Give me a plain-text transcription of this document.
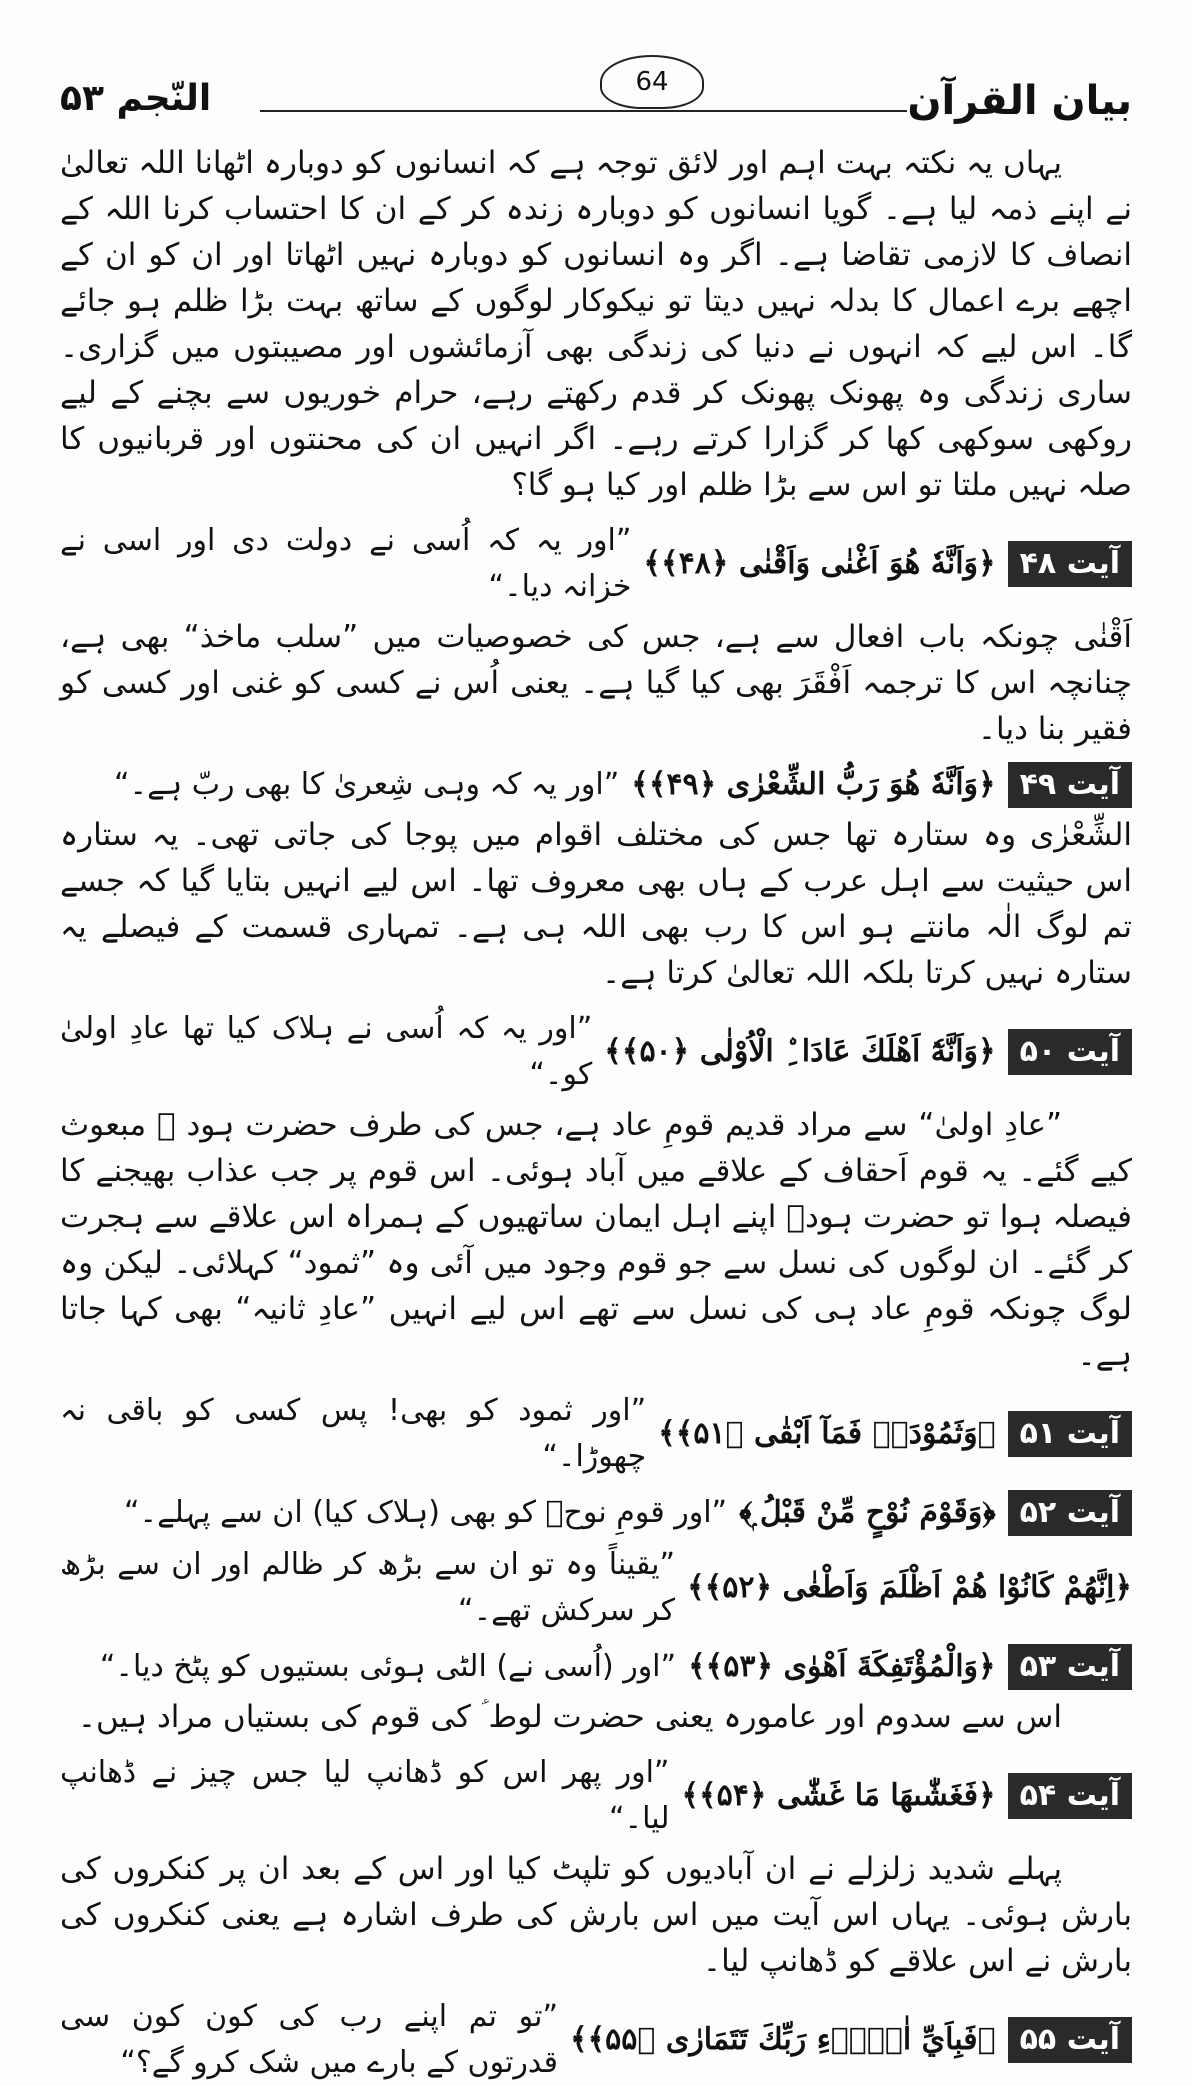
بیان القرآن
64
النّجم ۵۳

یہاں یہ نکتہ بہت اہم اور لائق توجہ ہے کہ انسانوں کو دوبارہ اٹھانا اللہ تعالیٰ نے اپنے ذمہ لیا ہے۔ گویا انسانوں کو دوبارہ زندہ کر کے ان کا احتساب کرنا اللہ کے انصاف کا لازمی تقاضا ہے۔ اگر وہ انسانوں کو دوبارہ نہیں اٹھاتا اور ان کو ان کے اچھے برے اعمال کا بدلہ نہیں دیتا تو نیکوکار لوگوں کے ساتھ بہت بڑا ظلم ہو جائے گا۔ اس لیے کہ انہوں نے دنیا کی زندگی بھی آزمائشوں اور مصیبتوں میں گزاری۔ ساری زندگی وہ پھونک پھونک کر قدم رکھتے رہے، حرام خوریوں سے بچنے کے لیے روکھی سوکھی کھا کر گزارا کرتے رہے۔ اگر انہیں ان کی محنتوں اور قربانیوں کا صلہ نہیں ملتا تو اس سے بڑا ظلم اور کیا ہو گا؟

آیت ۴۸
﴿وَاَنَّهٗ هُوَ اَغْنٰى وَاَقْنٰى ﴿۴۸﴾﴾
”اور یہ کہ اُسی نے دولت دی اور اسی نے خزانہ دیا۔“

اَقْنٰی چونکہ باب افعال سے ہے، جس کی خصوصیات میں ”سلب ماخذ“ بھی ہے، چنانچہ اس کا ترجمہ اَفْقَرَ بھی کیا گیا ہے۔ یعنی اُس نے کسی کو غنی اور کسی کو فقیر بنا دیا۔

آیت ۴۹
﴿وَاَنَّهٗ هُوَ رَبُّ الشِّعْرٰى ﴿۴۹﴾﴾
”اور یہ کہ وہی شِعریٰ کا بھی ربّ ہے۔“

الشِّعْرٰی وہ ستارہ تھا جس کی مختلف اقوام میں پوجا کی جاتی تھی۔ یہ ستارہ اس حیثیت سے اہل عرب کے ہاں بھی معروف تھا۔ اس لیے انہیں بتایا گیا کہ جسے تم لوگ الٰہ مانتے ہو اس کا رب بھی اللہ ہی ہے۔ تمہاری قسمت کے فیصلے یہ ستارہ نہیں کرتا بلکہ اللہ تعالیٰ کرتا ہے۔

آیت ۵۰
﴿وَاَنَّهٗٓ اَهْلَكَ عَادَا ِۨ الْاُوْلٰى ﴿۵۰﴾﴾
”اور یہ کہ اُسی نے ہلاک کیا تھا عادِ اولیٰ کو۔“

”عادِ اولیٰ“ سے مراد قدیم قومِ عاد ہے، جس کی طرف حضرت ہود ؑ مبعوث کیے گئے۔ یہ قوم اَحقاف کے علاقے میں آباد ہوئی۔ اس قوم پر جب عذاب بھیجنے کا فیصلہ ہوا تو حضرت ہودؑ اپنے اہل ایمان ساتھیوں کے ہمراہ اس علاقے سے ہجرت کر گئے۔ ان لوگوں کی نسل سے جو قوم وجود میں آئی وہ ”ثمود“ کہلائی۔ لیکن وہ لوگ چونکہ قومِ عاد ہی کی نسل سے تھے اس لیے انہیں ”عادِ ثانیہ“ بھی کہا جاتا ہے۔

آیت ۵۱
﴿وَثَمُوْدَا۟ فَمَآ اَبْقٰى ﴿۵۱﴾﴾
”اور ثمود کو بھی! پس کسی کو باقی نہ چھوڑا۔“
آیت ۵۲
﴿وَقَوْمَ نُوْحٍ مِّنْ قَبْلُ ۭ﴾
”اور قومِ نوحؑ کو بھی (ہلاک کیا) ان سے پہلے۔“
﴿اِنَّهُمْ كَانُوْا هُمْ اَظْلَمَ وَاَطْغٰى ﴿۵۲﴾﴾
”یقیناً وہ تو ان سے بڑھ کر ظالم اور ان سے بڑھ کر سرکش تھے۔“
آیت ۵۳
﴿وَالْمُؤْتَفِكَةَ اَهْوٰى ﴿۵۳﴾﴾
”اور (اُسی نے) الٹی ہوئی بستیوں کو پٹخ دیا۔“

اس سے سدوم اور عامورہ یعنی حضرت لوط ؑ کی قوم کی بستیاں مراد ہیں۔

آیت ۵۴
﴿فَغَشّٰىهَا مَا غَشّٰى ﴿۵۴﴾﴾
”اور پھر اس کو ڈھانپ لیا جس چیز نے ڈھانپ لیا۔“

پہلے شدید زلزلے نے ان آبادیوں کو تلپٹ کیا اور اس کے بعد ان پر کنکروں کی بارش ہوئی۔ یہاں اس آیت میں اس بارش کی طرف اشارہ ہے یعنی کنکروں کی بارش نے اس علاقے کو ڈھانپ لیا۔

آیت ۵۵
﴿فَبِاَيِّ اٰلَاۗءِ رَبِّكَ تَتَمَارٰى ﴿۵۵﴾﴾
”تو تم اپنے رب کی کون کون سی قدرتوں کے بارے میں شک کرو گے؟“
